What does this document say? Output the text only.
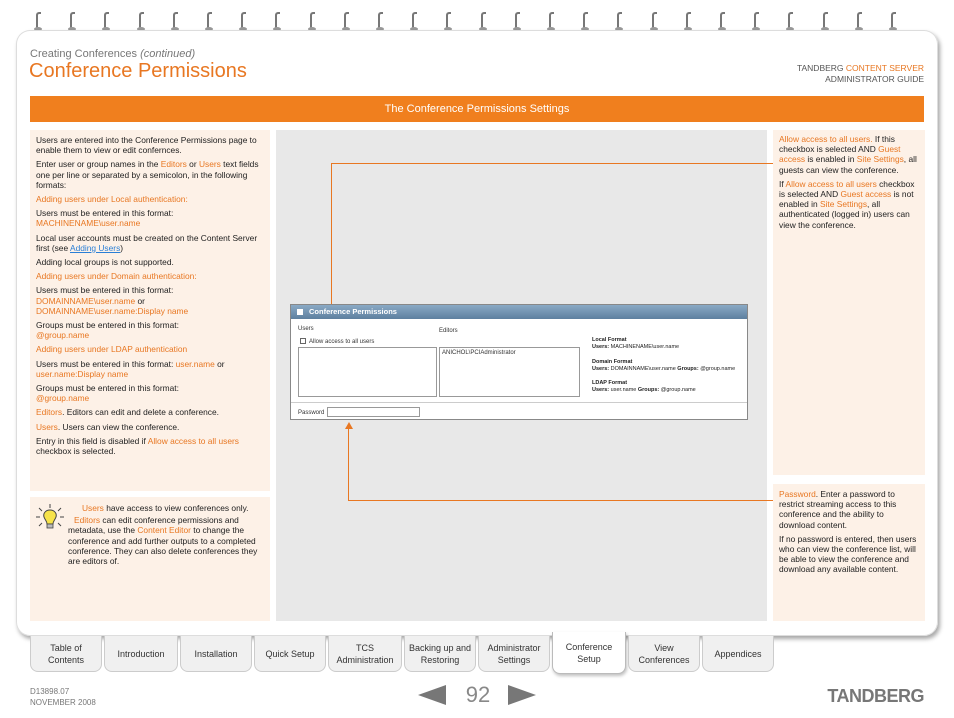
Creating Conferences (continued)
Conference Permissions	TANDBERG CONTENT SERVER
ADMINISTRATOR GUIDE
The Conference Permissions Settings

Users are entered into the Conference Permissions page to enable them to view or edit confernces.

Enter user or group names in the Editors or Users text fields one per line or separated by a semicolon, in the following formats:

Adding users under Local authentication:

Users must be entered in this format:
MACHINENAME\user.name

Local user accounts must be created on the Content Server first (see Adding Users)

Adding local groups is not supported.

Adding users under Domain authentication:

Users must be entered in this format:
DOMAINNAME\user.name or
DOMAINNAME\user.name:Display name

Groups must be entered in this format:
@group.name

Adding users under LDAP authentication

Users must be entered in this format: user.name or
user.name:Display name

Groups must be entered in this format:
@group.name

Editors. Editors can edit and delete a conference.

Users. Users can view the conference.

Entry in this field is disabled if Allow access to all users checkbox is selected.

Users have access to view conferences only.

Editors can edit conference permissions and metadata, use the Content Editor to change the conference and add further outputs to a completed conference. They can also delete conferences they are editors of.

Conference Permissions
Users	Editors
Allow access to all users
ANICHOL\PCIAdministrator
Local Format
Users: MACHINENAME\user.name
Domain Format
Users: DOMAINNAME\user.name Groups: @group.name
LDAP Format
Users: user.name Groups: @group.name
Password

Allow access to all users. If this checkbox is selected AND Guest access is enabled in Site Settings, all guests can view the conference.

If Allow access to all users checkbox is selected AND Guest access is not enabled in Site Settings, all authenticated (logged in) users can view the conference.

Password. Enter a password to restrict streaming access to this conference and the ability to download content.

If no password is entered, then users who can view the conference list, will be able to view the conference and download any available content.

Table of
Contents
Introduction	Installation	Quick Setup
TCS
Administration
Backing up and
Restoring
Administrator
Settings
Conference
Setup
View
Conferences
Appendices
D13898.07
NOVEMBER 2008	92	TANDBERG
